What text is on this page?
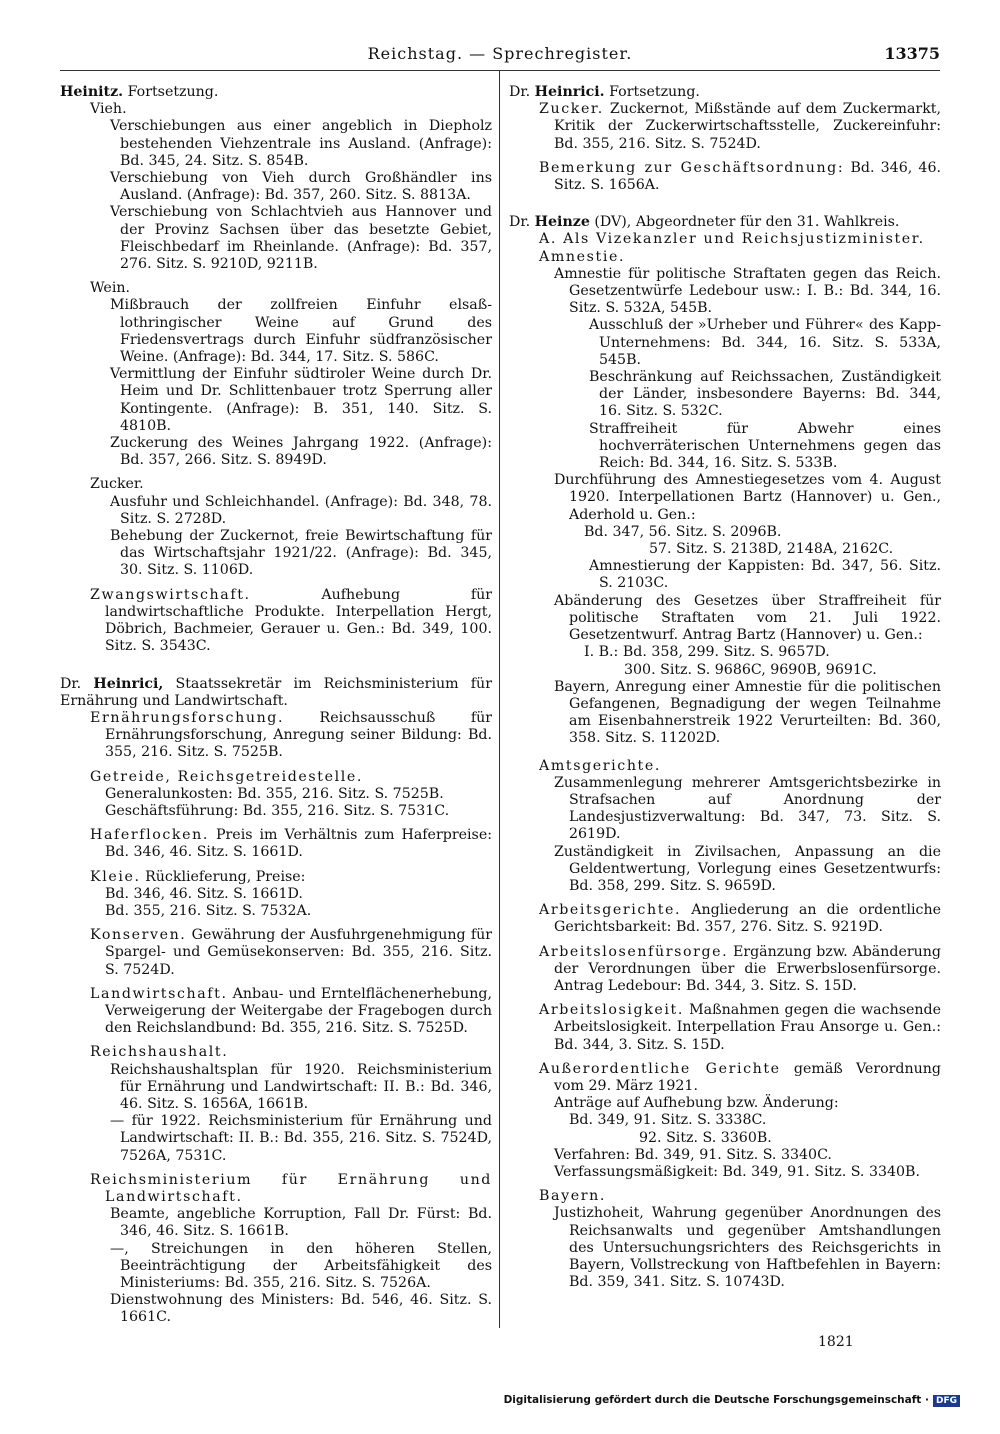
Reichstag. — Sprechregister.	13375

Heinitz. Fortsetzung.

Vieh.

Verschiebungen aus einer angeblich in Diepholz bestehenden Viehzentrale ins Ausland. (Anfrage): Bd. 345, 24. Sitz. S. 854B.

Verschiebung von Vieh durch Großhändler ins Ausland. (Anfrage): Bd. 357, 260. Sitz. S. 8813A.

Verschiebung von Schlachtvieh aus Hannover und der Provinz Sachsen über das besetzte Gebiet, Fleischbedarf im Rheinlande. (Anfrage): Bd. 357, 276. Sitz. S. 9210D, 9211B.

Wein.

Mißbrauch der zollfreien Einfuhr elsaß-lothringischer Weine auf Grund des Friedensvertrags durch Einfuhr südfranzösischer Weine. (Anfrage): Bd. 344, 17. Sitz. S. 586C.

Vermittlung der Einfuhr südtiroler Weine durch Dr. Heim und Dr. Schlittenbauer trotz Sperrung aller Kontingente. (Anfrage): B. 351, 140. Sitz. S. 4810B.

Zuckerung des Weines Jahrgang 1922. (Anfrage): Bd. 357, 266. Sitz. S. 8949D.

Zucker.

Ausfuhr und Schleichhandel. (Anfrage): Bd. 348, 78. Sitz. S. 2728D.

Behebung der Zuckernot, freie Bewirtschaftung für das Wirtschaftsjahr 1921/22. (Anfrage): Bd. 345, 30. Sitz. S. 1106D.

Zwangswirtschaft. Aufhebung für landwirtschaftliche Produkte. Interpellation Hergt, Döbrich, Bachmeier, Gerauer u. Gen.: Bd. 349, 100. Sitz. S. 3543C.

Dr. Heinrici, Staatssekretär im Reichsministerium für Ernährung und Landwirtschaft.

Ernährungsforschung. Reichsausschuß für Ernährungsforschung, Anregung seiner Bildung: Bd. 355, 216. Sitz. S. 7525B.

Getreide, Reichsgetreidestelle.

Generalunkosten: Bd. 355, 216. Sitz. S. 7525B.

Geschäftsführung: Bd. 355, 216. Sitz. S. 7531C.

Haferflocken. Preis im Verhältnis zum Haferpreise: Bd. 346, 46. Sitz. S. 1661D.

Kleie. Rücklieferung, Preise:

Bd. 346, 46. Sitz. S. 1661D.

Bd. 355, 216. Sitz. S. 7532A.

Konserven. Gewährung der Ausfuhrgenehmigung für Spargel- und Gemüsekonserven: Bd. 355, 216. Sitz. S. 7524D.

Landwirtschaft. Anbau- und Erntelflächenerhebung, Verweigerung der Weitergabe der Fragebogen durch den Reichslandbund: Bd. 355, 216. Sitz. S. 7525D.

Reichshaushalt.

Reichshaushaltsplan für 1920. Reichsministerium für Ernährung und Landwirtschaft: II. B.: Bd. 346, 46. Sitz. S. 1656A, 1661B.

— für 1922. Reichsministerium für Ernährung und Landwirtschaft: II. B.: Bd. 355, 216. Sitz. S. 7524D, 7526A, 7531C.

Reichsministerium für Ernährung und Landwirtschaft.

Beamte, angebliche Korruption, Fall Dr. Fürst: Bd. 346, 46. Sitz. S. 1661B.

—, Streichungen in den höheren Stellen, Beeinträchtigung der Arbeitsfähigkeit des Ministeriums: Bd. 355, 216. Sitz. S. 7526A.

Dienstwohnung des Ministers: Bd. 546, 46. Sitz. S. 1661C.

Dr. Heinrici. Fortsetzung.

Zucker. Zuckernot, Mißstände auf dem Zuckermarkt, Kritik der Zuckerwirtschaftsstelle, Zuckereinfuhr: Bd. 355, 216. Sitz. S. 7524D.

Bemerkung zur Geschäftsordnung: Bd. 346, 46. Sitz. S. 1656A.

Dr. Heinze (DV), Abgeordneter für den 31. Wahlkreis.

A. Als Vizekanzler und Reichsjustizminister.

Amnestie.

Amnestie für politische Straftaten gegen das Reich. Gesetzentwürfe Ledebour usw.: I. B.: Bd. 344, 16. Sitz. S. 532A, 545B.

Ausschluß der »Urheber und Führer« des Kapp-Unternehmens: Bd. 344, 16. Sitz. S. 533A, 545B.

Beschränkung auf Reichssachen, Zuständigkeit der Länder, insbesondere Bayerns: Bd. 344, 16. Sitz. S. 532C.

Straffreiheit für Abwehr eines hochverräterischen Unternehmens gegen das Reich: Bd. 344, 16. Sitz. S. 533B.

Durchführung des Amnestiegesetzes vom 4. August 1920. Interpellationen Bartz (Hannover) u. Gen., Aderhold u. Gen.:

Bd. 347, 56. Sitz. S. 2096B.

57. Sitz. S. 2138D, 2148A, 2162C.

Amnestierung der Kappisten: Bd. 347, 56. Sitz. S. 2103C.

Abänderung des Gesetzes über Straffreiheit für politische Straftaten vom 21. Juli 1922. Gesetzentwurf. Antrag Bartz (Hannover) u. Gen.:

I. B.: Bd. 358, 299. Sitz. S. 9657D.

300. Sitz. S. 9686C, 9690B, 9691C.

Bayern, Anregung einer Amnestie für die politischen Gefangenen, Begnadigung der wegen Teilnahme am Eisenbahnerstreik 1922 Verurteilten: Bd. 360, 358. Sitz. S. 11202D.

Amtsgerichte.

Zusammenlegung mehrerer Amtsgerichtsbezirke in Strafsachen auf Anordnung der Landesjustizverwaltung: Bd. 347, 73. Sitz. S. 2619D.

Zuständigkeit in Zivilsachen, Anpassung an die Geldentwertung, Vorlegung eines Gesetzentwurfs: Bd. 358, 299. Sitz. S. 9659D.

Arbeitsgerichte. Angliederung an die ordentliche Gerichtsbarkeit: Bd. 357, 276. Sitz. S. 9219D.

Arbeitslosenfürsorge. Ergänzung bzw. Abänderung der Verordnungen über die Erwerbslosenfürsorge. Antrag Ledebour: Bd. 344, 3. Sitz. S. 15D.

Arbeitslosigkeit. Maßnahmen gegen die wachsende Arbeitslosigkeit. Interpellation Frau Ansorge u. Gen.: Bd. 344, 3. Sitz. S. 15D.

Außerordentliche Gerichte gemäß Verordnung vom 29. März 1921.

Anträge auf Aufhebung bzw. Änderung:

Bd. 349, 91. Sitz. S. 3338C.

92. Sitz. S. 3360B.

Verfahren: Bd. 349, 91. Sitz. S. 3340C.

Verfassungsmäßigkeit: Bd. 349, 91. Sitz. S. 3340B.

Bayern.

Justizhoheit, Wahrung gegenüber Anordnungen des Reichsanwalts und gegenüber Amtshandlungen des Untersuchungsrichters des Reichsgerichts in Bayern, Vollstreckung von Haftbefehlen in Bayern: Bd. 359, 341. Sitz. S. 10743D.

1821
Digitalisierung gefördert durch die Deutsche Forschungsgemeinschaft · DFG
